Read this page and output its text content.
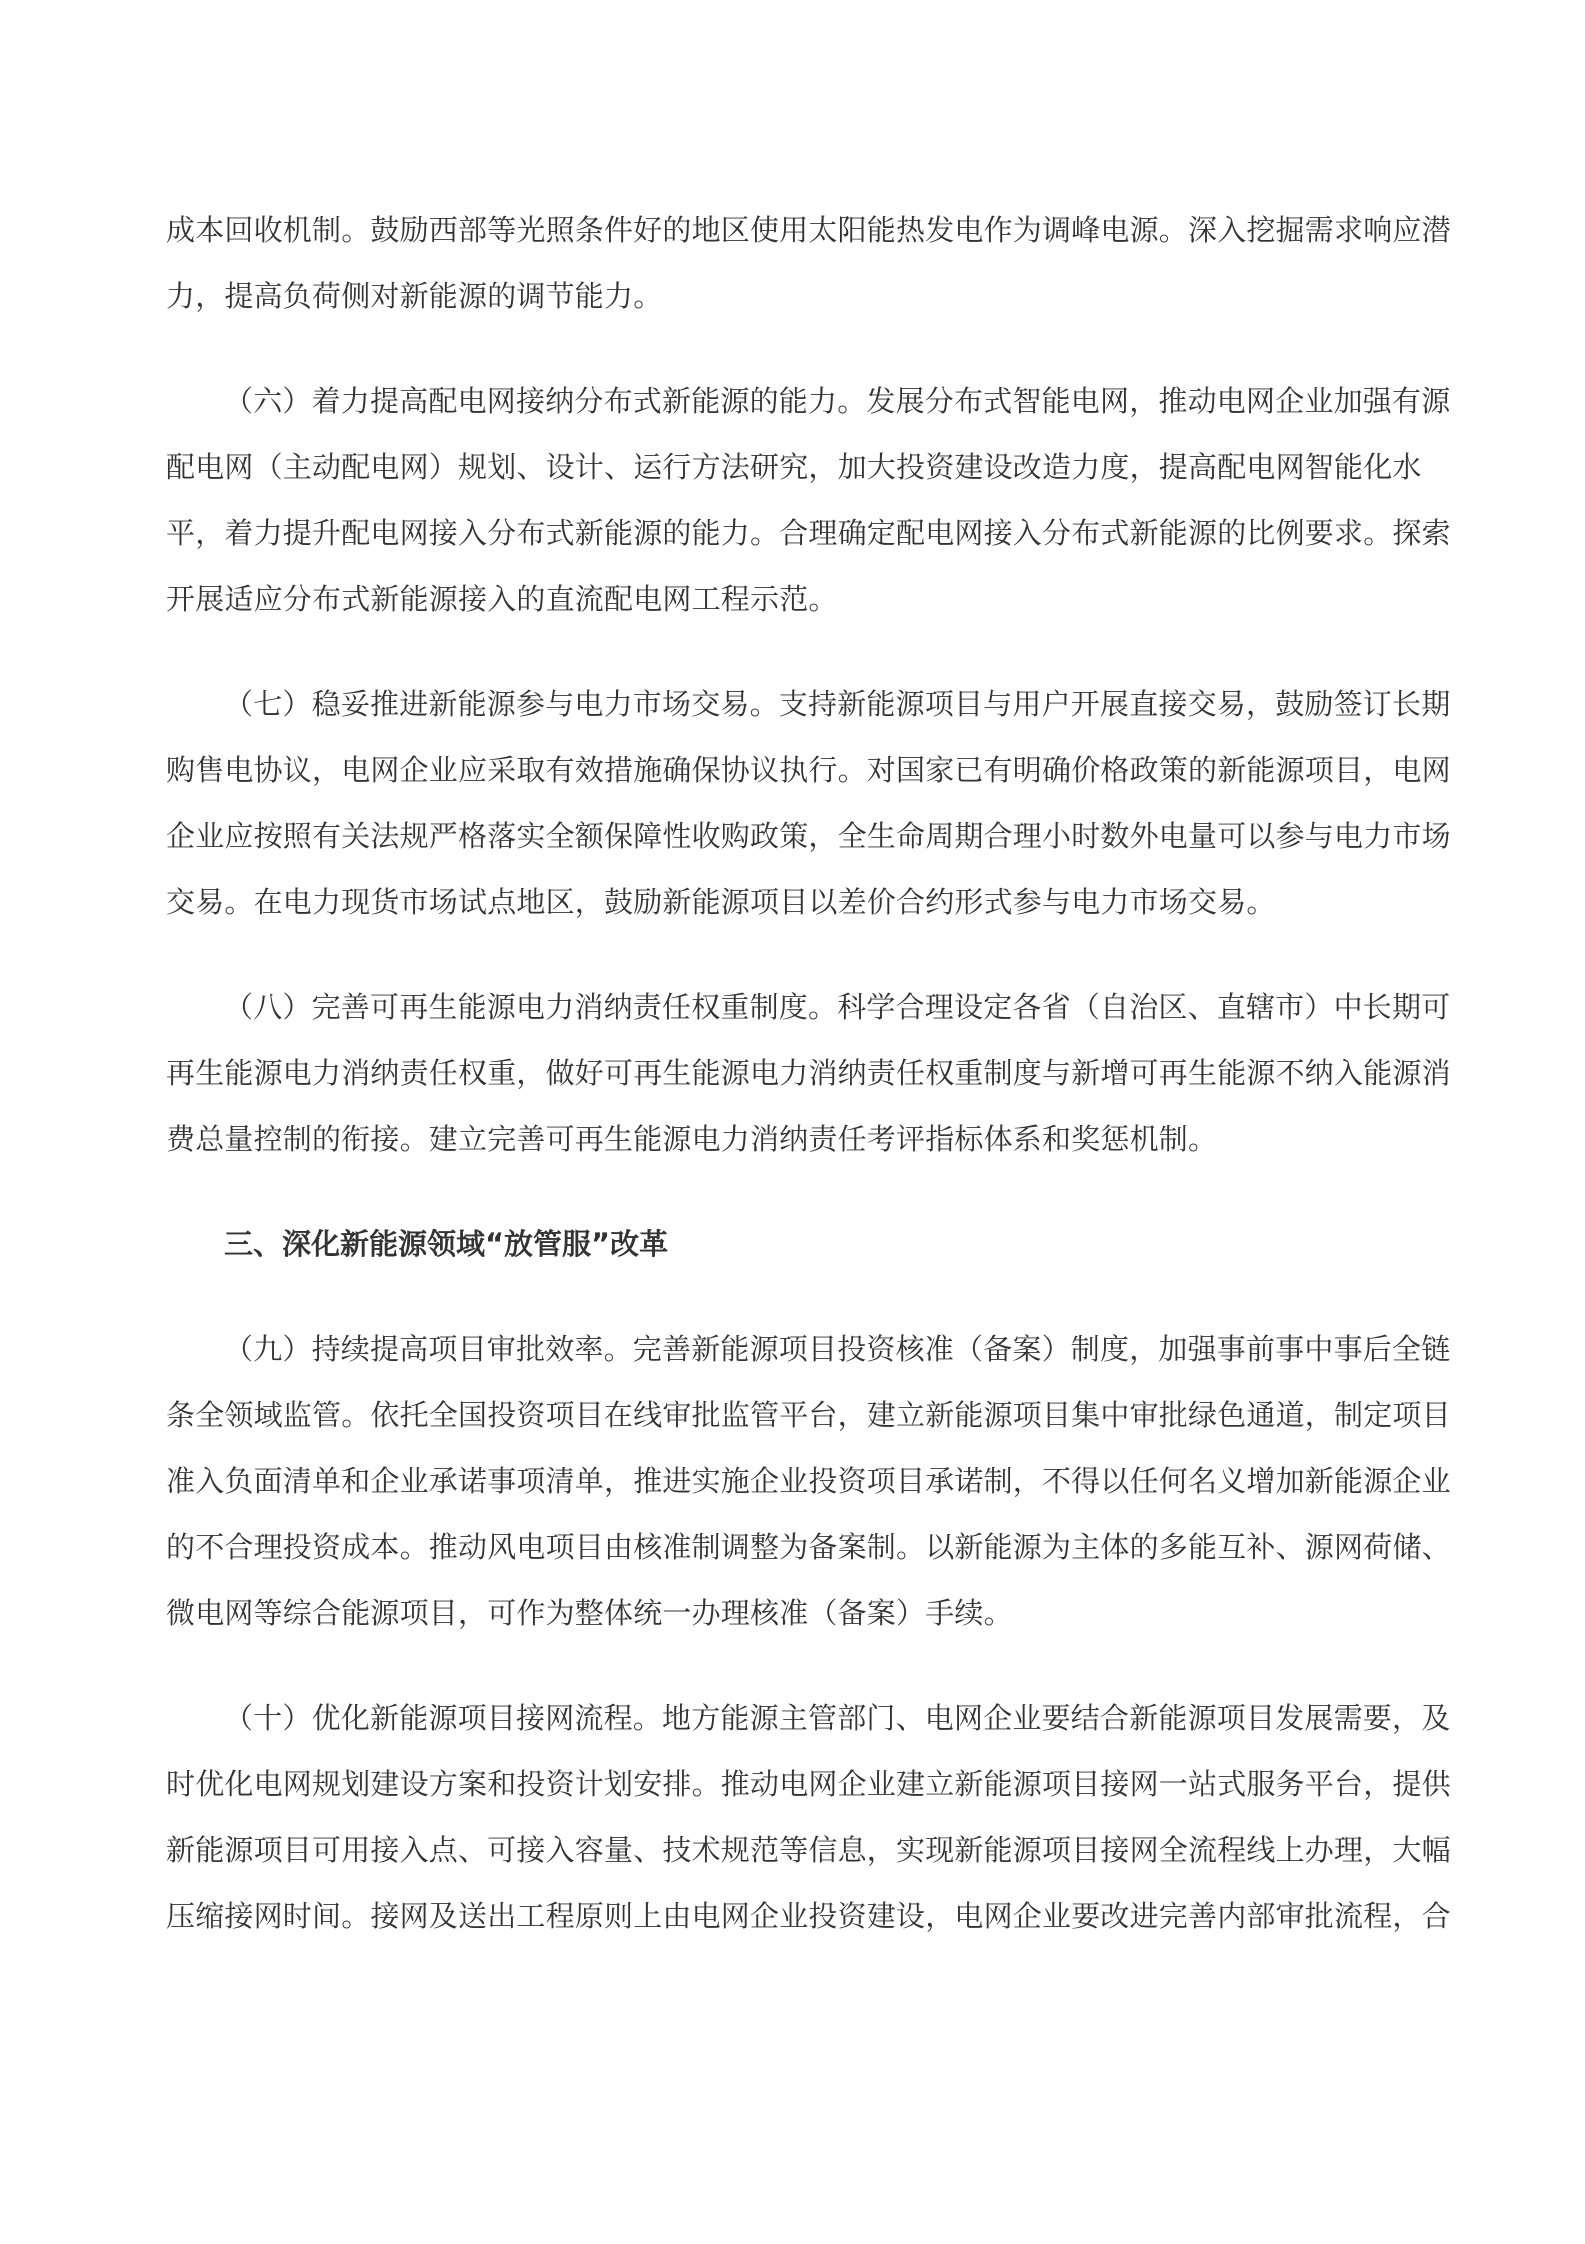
成本回收机制。鼓励西部等光照条件好的地区使用太阳能热发电作为调峰电源。深入挖掘需求响应潜
力，提高负荷侧对新能源的调节能力。
（六）着力提高配电网接纳分布式新能源的能力。发展分布式智能电网，推动电网企业加强有源
配电网（主动配电网）规划、设计、运行方法研究，加大投资建设改造力度，提高配电网智能化水
平，着力提升配电网接入分布式新能源的能力。合理确定配电网接入分布式新能源的比例要求。探索
开展适应分布式新能源接入的直流配电网工程示范。
（七）稳妥推进新能源参与电力市场交易。支持新能源项目与用户开展直接交易，鼓励签订长期
购售电协议，电网企业应采取有效措施确保协议执行。对国家已有明确价格政策的新能源项目，电网
企业应按照有关法规严格落实全额保障性收购政策，全生命周期合理小时数外电量可以参与电力市场
交易。在电力现货市场试点地区，鼓励新能源项目以差价合约形式参与电力市场交易。
（八）完善可再生能源电力消纳责任权重制度。科学合理设定各省（自治区、直辖市）中长期可
再生能源电力消纳责任权重，做好可再生能源电力消纳责任权重制度与新增可再生能源不纳入能源消
费总量控制的衔接。建立完善可再生能源电力消纳责任考评指标体系和奖惩机制。
三、深化新能源领域“放管服”改革
（九）持续提高项目审批效率。完善新能源项目投资核准（备案）制度，加强事前事中事后全链
条全领域监管。依托全国投资项目在线审批监管平台，建立新能源项目集中审批绿色通道，制定项目
准入负面清单和企业承诺事项清单，推进实施企业投资项目承诺制，不得以任何名义增加新能源企业
的不合理投资成本。推动风电项目由核准制调整为备案制。以新能源为主体的多能互补、源网荷储、
微电网等综合能源项目，可作为整体统一办理核准（备案）手续。
（十）优化新能源项目接网流程。地方能源主管部门、电网企业要结合新能源项目发展需要，及
时优化电网规划建设方案和投资计划安排。推动电网企业建立新能源项目接网一站式服务平台，提供
新能源项目可用接入点、可接入容量、技术规范等信息，实现新能源项目接网全流程线上办理，大幅
压缩接网时间。接网及送出工程原则上由电网企业投资建设，电网企业要改进完善内部审批流程，合
